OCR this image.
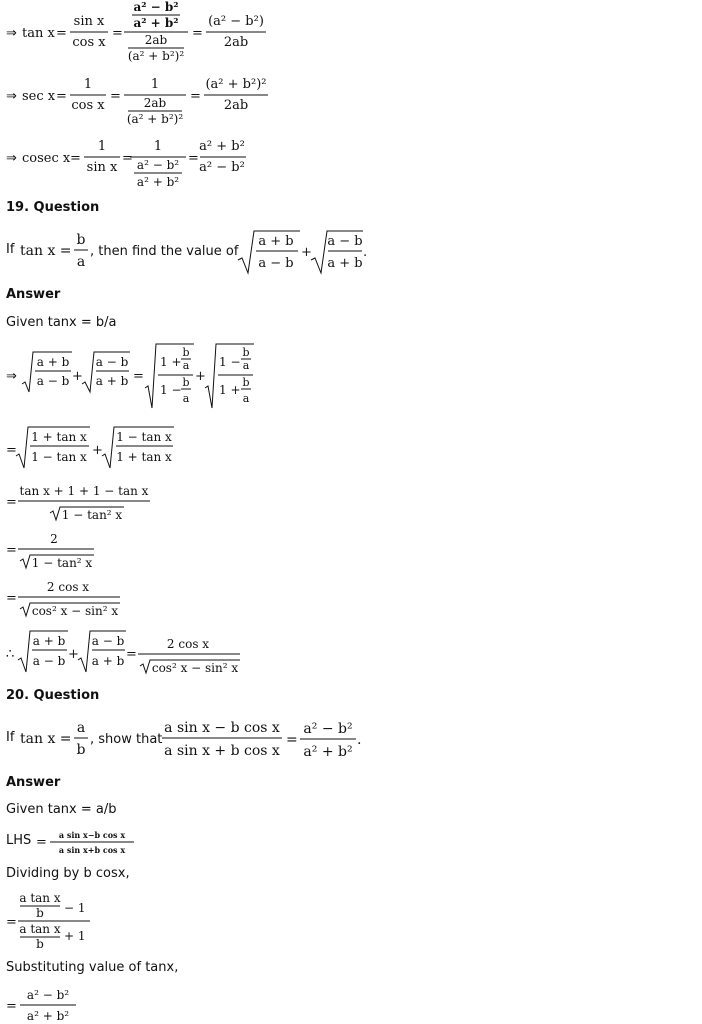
⇒ tan x =
sin x
cos x
=
a² − b²
a² + b²
2ab
(a² + b²)²
=
(a² − b²)
2ab
⇒ sec x =
1
cos x
=
1
2ab
(a² + b²)²
=
(a² + b²)²
2ab
⇒ cosec x =
1
sin x
=
1
a² − b²
a² + b²
=
a² + b²
a² − b²
19. Question
If tan x =
b
a
, then find the value of
a + b
a − b
+
a − b
a + b
.
Answer
Given tanx = b/a
⇒
a + b
a − b +
a − b
a + b =
1 +
b
a
1 −
b
a
+
1 −
b
a
1 +
b
a
=
1 + tan x
1 − tan x +
1 − tan x
1 + tan x
=
tan x + 1 + 1 − tan x
1 − tan² x
=
2
1 − tan² x
=
2 cos x
cos² x − sin² x
∴
a + b
a − b +
a − b
a + b =
2 cos x
cos² x − sin² x
20. Question
If tan x =
a
b
, show that
a sin x − b cos x
a sin x + b cos x
=
a² − b²
a² + b²
.
Answer
Given tanx = a/b
LHS = a sin x−b cos x
a sin x+b cos x
Dividing by b cosx,
=
a tan x
b − 1
a tan x
b
+ 1
Substituting value of tanx,
=
a² − b²
a² + b²
